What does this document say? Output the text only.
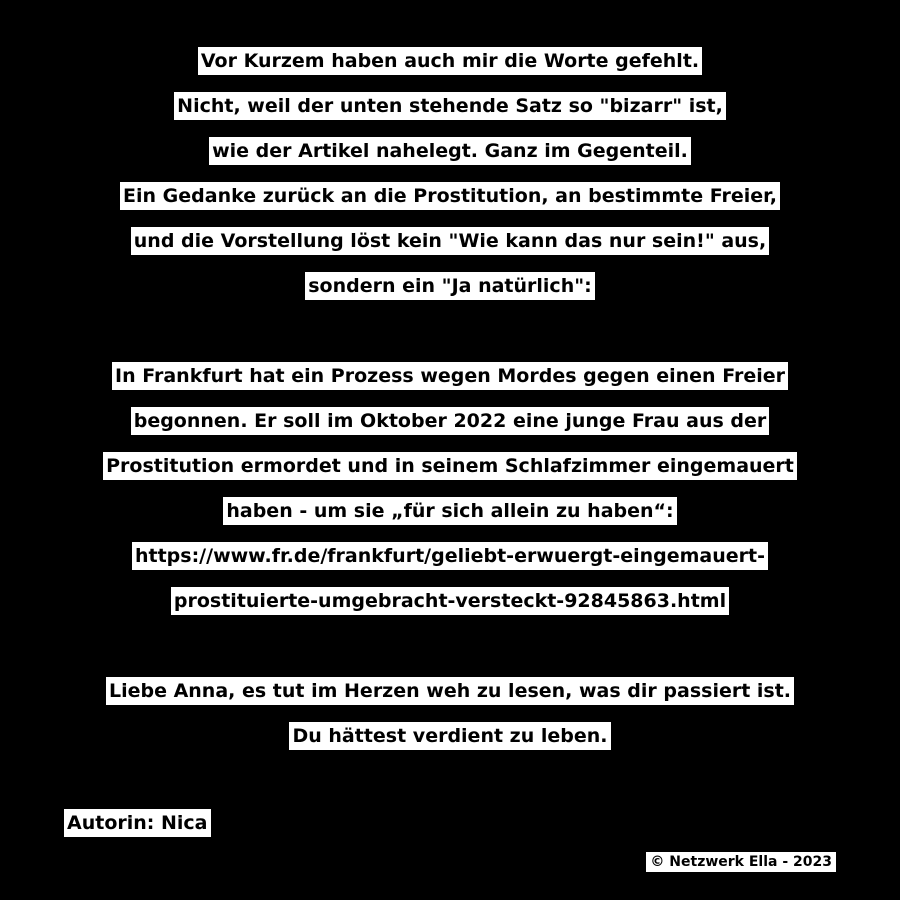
Vor Kurzem haben auch mir die Worte gefehlt.
Nicht, weil der unten stehende Satz so "bizarr" ist,
wie der Artikel nahelegt. Ganz im Gegenteil.
Ein Gedanke zurück an die Prostitution, an bestimmte Freier,
und die Vorstellung löst kein "Wie kann das nur sein!" aus,
sondern ein "Ja natürlich":
In Frankfurt hat ein Prozess wegen Mordes gegen einen Freier
begonnen. Er soll im Oktober 2022 eine junge Frau aus der
Prostitution ermordet und in seinem Schlafzimmer eingemauert
haben - um sie „für sich allein zu haben“:
https://www.fr.de/frankfurt/geliebt-erwuergt-eingemauert-
prostituierte-umgebracht-versteckt-92845863.html
Liebe Anna, es tut im Herzen weh zu lesen, was dir passiert ist.
Du hättest verdient zu leben.
Autorin: Nica
© Netzwerk Ella - 2023
